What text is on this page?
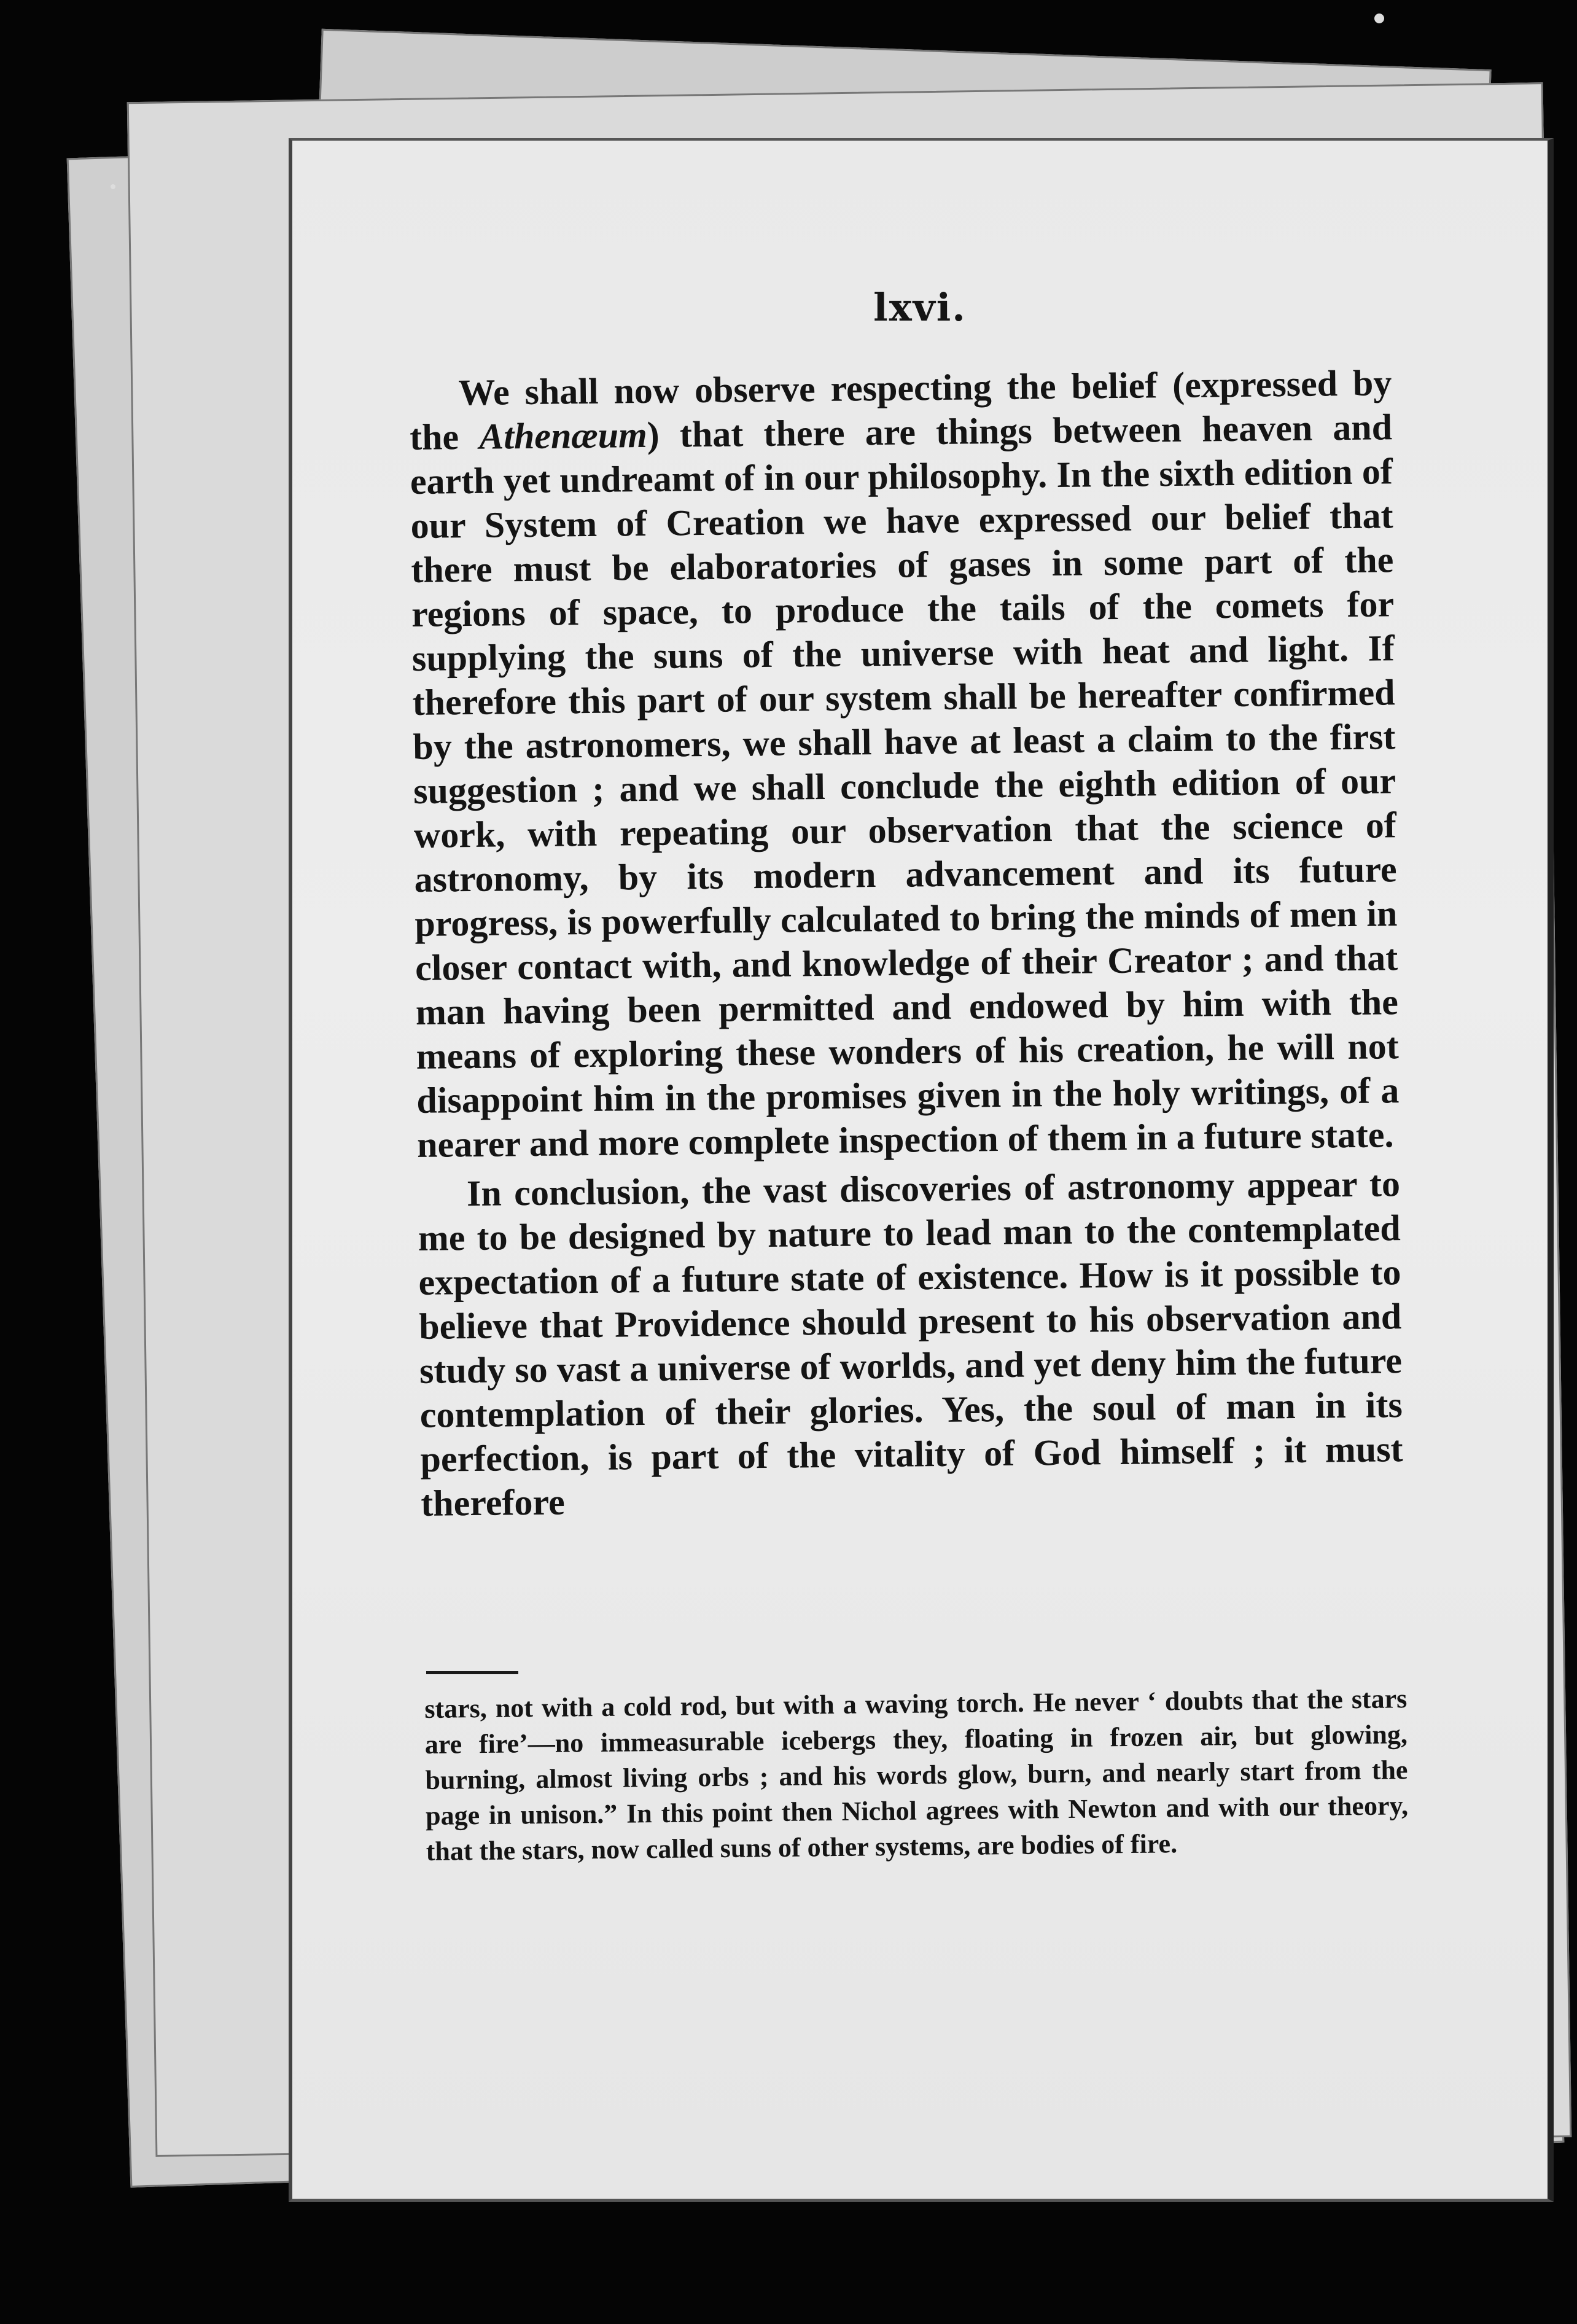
lxvi.

We shall now observe respecting the belief (expressed by the Athenæum) that there are things between heaven and earth yet undreamt of in our philosophy. In the sixth edition of our System of Creation we have expressed our belief that there must be elaboratories of gases in some part of the regions of space, to produce the tails of the comets for supplying the suns of the universe with heat and light. If therefore this part of our system shall be hereafter confirmed by the astronomers, we shall have at least a claim to the first suggestion ; and we shall conclude the eighth edition of our work, with repeating our observation that the science of astronomy, by its modern advancement and its future progress, is powerfully calculated to bring the minds of men in closer contact with, and knowledge of their Creator ; and that man having been permitted and endowed by him with the means of exploring these wonders of his creation, he will not disappoint him in the promises given in the holy writings, of a nearer and more complete inspection of them in a future state.

In conclusion, the vast discoveries of astronomy appear to me to be designed by nature to lead man to the contemplated expectation of a future state of existence. How is it possible to believe that Providence should present to his observation and study so vast a universe of worlds, and yet deny him the future contemplation of their glories. Yes, the soul of man in its perfection, is part of the vitality of God himself ; it must therefore

stars, not with a cold rod, but with a waving torch. He never ‘ doubts that the stars are fire’—no immeasurable icebergs they, floating in frozen air, but glowing, burning, almost living orbs ; and his words glow, burn, and nearly start from the page in unison.” In this point then Nichol agrees with Newton and with our theory, that the stars, now called suns of other systems, are bodies of fire.
